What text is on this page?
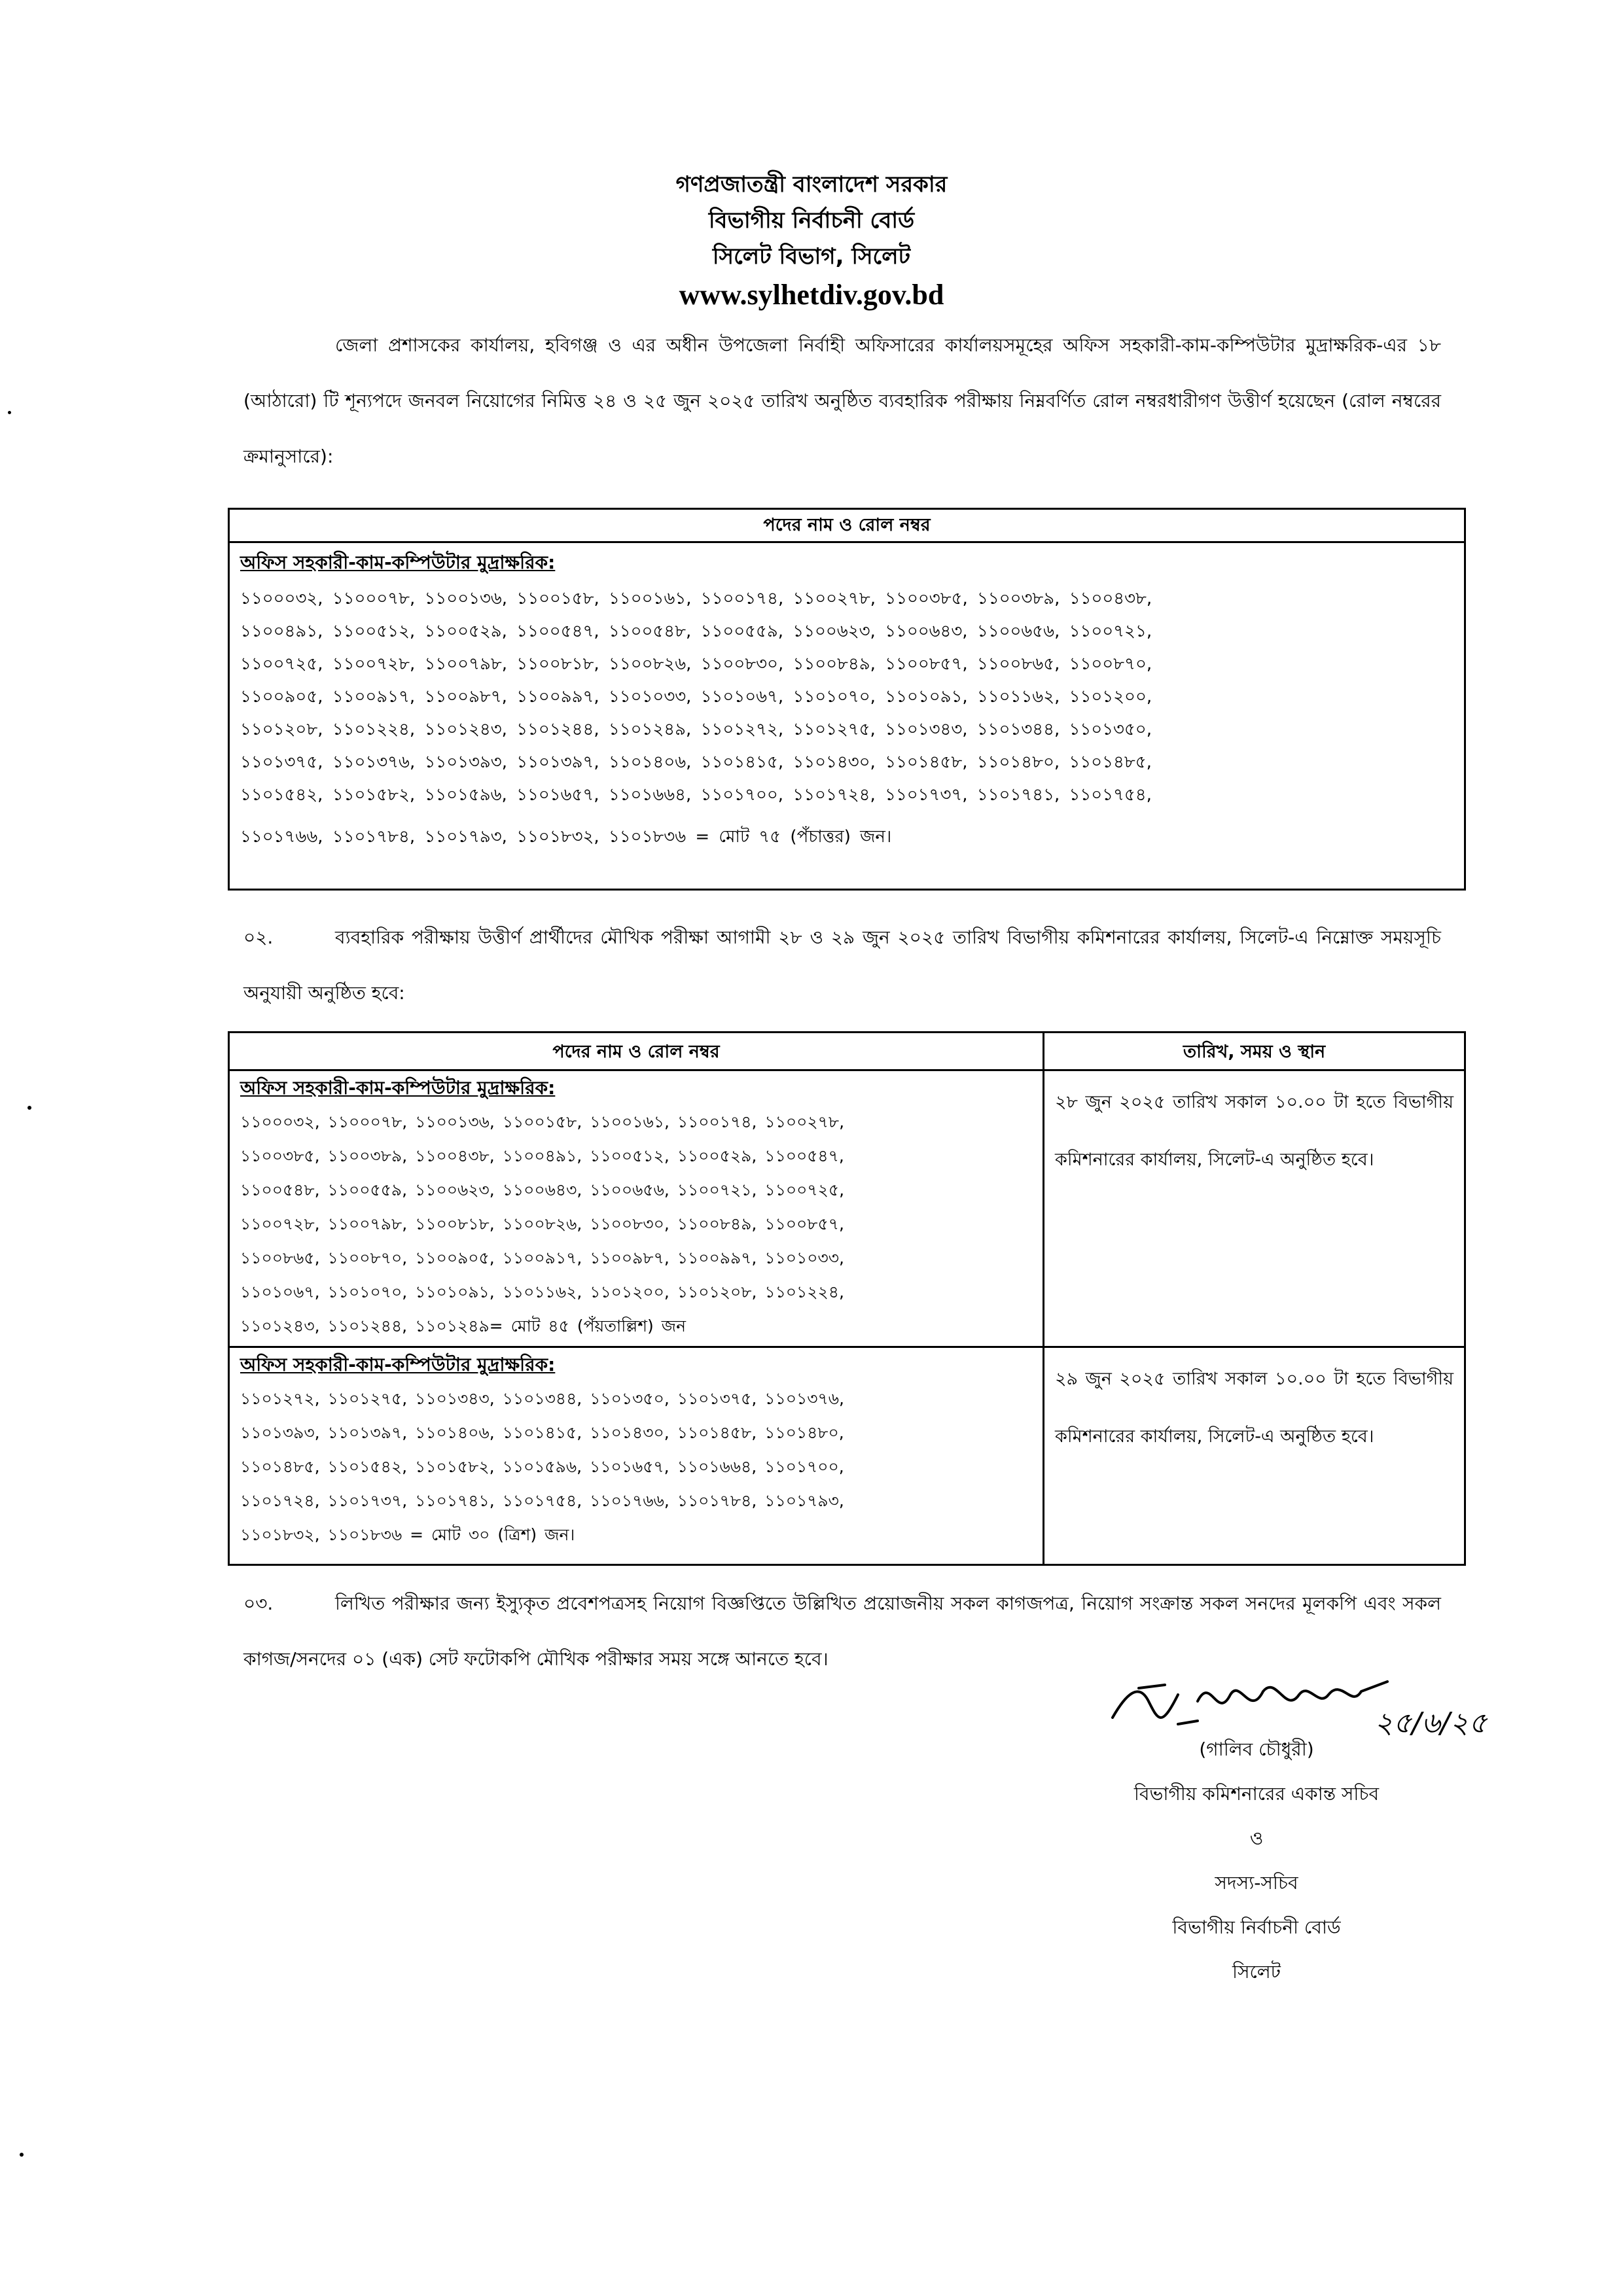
গণপ্রজাতন্ত্রী বাংলাদেশ সরকার
বিভাগীয় নির্বাচনী বোর্ড
সিলেট বিভাগ, সিলেট
www.sylhetdiv.gov.bd
জেলা প্রশাসকের কার্যালয়, হবিগঞ্জ ও এর অধীন উপজেলা নির্বাহী অফিসারের কার্যালয়সমূহের অফিস সহকারী-কাম-কম্পিউটার মুদ্রাক্ষরিক-এর ১৮ (আঠারো) টি শূন্যপদে জনবল নিয়োগের নিমিত্ত ২৪ ও ২৫ জুন ২০২৫ তারিখ অনুষ্ঠিত ব্যবহারিক পরীক্ষায় নিম্নবর্ণিত রোল নম্বরধারীগণ উত্তীর্ণ হয়েছেন (রোল নম্বরের ক্রমানুসারে):
পদের নাম ও রোল নম্বর
অফিস সহকারী-কাম-কম্পিউটার মুদ্রাক্ষরিক:
১১০০০৩২, ১১০০০৭৮, ১১০০১৩৬, ১১০০১৫৮, ১১০০১৬১, ১১০০১৭৪, ১১০০২৭৮, ১১০০৩৮৫, ১১০০৩৮৯, ১১০০৪৩৮,
১১০০৪৯১, ১১০০৫১২, ১১০০৫২৯, ১১০০৫৪৭, ১১০০৫৪৮, ১১০০৫৫৯, ১১০০৬২৩, ১১০০৬৪৩, ১১০০৬৫৬, ১১০০৭২১,
১১০০৭২৫, ১১০০৭২৮, ১১০০৭৯৮, ১১০০৮১৮, ১১০০৮২৬, ১১০০৮৩০, ১১০০৮৪৯, ১১০০৮৫৭, ১১০০৮৬৫, ১১০০৮৭০,
১১০০৯০৫, ১১০০৯১৭, ১১০০৯৮৭, ১১০০৯৯৭, ১১০১০৩৩, ১১০১০৬৭, ১১০১০৭০, ১১০১০৯১, ১১০১১৬২, ১১০১২০০,
১১০১২০৮, ১১০১২২৪, ১১০১২৪৩, ১১০১২৪৪, ১১০১২৪৯, ১১০১২৭২, ১১০১২৭৫, ১১০১৩৪৩, ১১০১৩৪৪, ১১০১৩৫০,
১১০১৩৭৫, ১১০১৩৭৬, ১১০১৩৯৩, ১১০১৩৯৭, ১১০১৪০৬, ১১০১৪১৫, ১১০১৪৩০, ১১০১৪৫৮, ১১০১৪৮০, ১১০১৪৮৫,
১১০১৫৪২, ১১০১৫৮২, ১১০১৫৯৬, ১১০১৬৫৭, ১১০১৬৬৪, ১১০১৭০০, ১১০১৭২৪, ১১০১৭৩৭, ১১০১৭৪১, ১১০১৭৫৪,
১১০১৭৬৬, ১১০১৭৮৪, ১১০১৭৯৩, ১১০১৮৩২, ১১০১৮৩৬ = মোট ৭৫ (পঁচাত্তর) জন।
০২.	ব্যবহারিক পরীক্ষায় উত্তীর্ণ প্রার্থীদের মৌখিক পরীক্ষা আগামী ২৮ ও ২৯ জুন ২০২৫ তারিখ বিভাগীয় কমিশনারের কার্যালয়, সিলেট-এ নিম্নোক্ত সময়সূচি অনুযায়ী অনুষ্ঠিত হবে:
পদের নাম ও রোল নম্বর	তারিখ, সময় ও স্থান
অফিস সহকারী-কাম-কম্পিউটার মুদ্রাক্ষরিক:
১১০০০৩২, ১১০০০৭৮, ১১০০১৩৬, ১১০০১৫৮, ১১০০১৬১, ১১০০১৭৪, ১১০০২৭৮,
১১০০৩৮৫, ১১০০৩৮৯, ১১০০৪৩৮, ১১০০৪৯১, ১১০০৫১২, ১১০০৫২৯, ১১০০৫৪৭,
১১০০৫৪৮, ১১০০৫৫৯, ১১০০৬২৩, ১১০০৬৪৩, ১১০০৬৫৬, ১১০০৭২১, ১১০০৭২৫,
১১০০৭২৮, ১১০০৭৯৮, ১১০০৮১৮, ১১০০৮২৬, ১১০০৮৩০, ১১০০৮৪৯, ১১০০৮৫৭,
১১০০৮৬৫, ১১০০৮৭০, ১১০০৯০৫, ১১০০৯১৭, ১১০০৯৮৭, ১১০০৯৯৭, ১১০১০৩৩,
১১০১০৬৭, ১১০১০৭০, ১১০১০৯১, ১১০১১৬২, ১১০১২০০, ১১০১২০৮, ১১০১২২৪,
১১০১২৪৩, ১১০১২৪৪, ১১০১২৪৯= মোট ৪৫ (পঁয়তাল্লিশ) জন
২৮ জুন ২০২৫ তারিখ সকাল ১০.০০ টা হতে বিভাগীয় কমিশনারের কার্যালয়, সিলেট-এ অনুষ্ঠিত হবে।
অফিস সহকারী-কাম-কম্পিউটার মুদ্রাক্ষরিক:
১১০১২৭২, ১১০১২৭৫, ১১০১৩৪৩, ১১০১৩৪৪, ১১০১৩৫০, ১১০১৩৭৫, ১১০১৩৭৬,
১১০১৩৯৩, ১১০১৩৯৭, ১১০১৪০৬, ১১০১৪১৫, ১১০১৪৩০, ১১০১৪৫৮, ১১০১৪৮০,
১১০১৪৮৫, ১১০১৫৪২, ১১০১৫৮২, ১১০১৫৯৬, ১১০১৬৫৭, ১১০১৬৬৪, ১১০১৭০০,
১১০১৭২৪, ১১০১৭৩৭, ১১০১৭৪১, ১১০১৭৫৪, ১১০১৭৬৬, ১১০১৭৮৪, ১১০১৭৯৩,
১১০১৮৩২, ১১০১৮৩৬ = মোট ৩০ (ত্রিশ) জন।
২৯ জুন ২০২৫ তারিখ সকাল ১০.০০ টা হতে বিভাগীয় কমিশনারের কার্যালয়, সিলেট-এ অনুষ্ঠিত হবে।
০৩.	লিখিত পরীক্ষার জন্য ইস্যুকৃত প্রবেশপত্রসহ নিয়োগ বিজ্ঞপ্তিতে উল্লিখিত প্রয়োজনীয় সকল কাগজপত্র, নিয়োগ সংক্রান্ত সকল সনদের মূলকপি এবং সকল কাগজ/সনদের ০১ (এক) সেট ফটোকপি মৌখিক পরীক্ষার সময় সঙ্গে আনতে হবে।
২৫/৬/২৫
(গালিব চৌধুরী)
বিভাগীয় কমিশনারের একান্ত সচিব
ও
সদস্য-সচিব
বিভাগীয় নির্বাচনী বোর্ড
সিলেট
